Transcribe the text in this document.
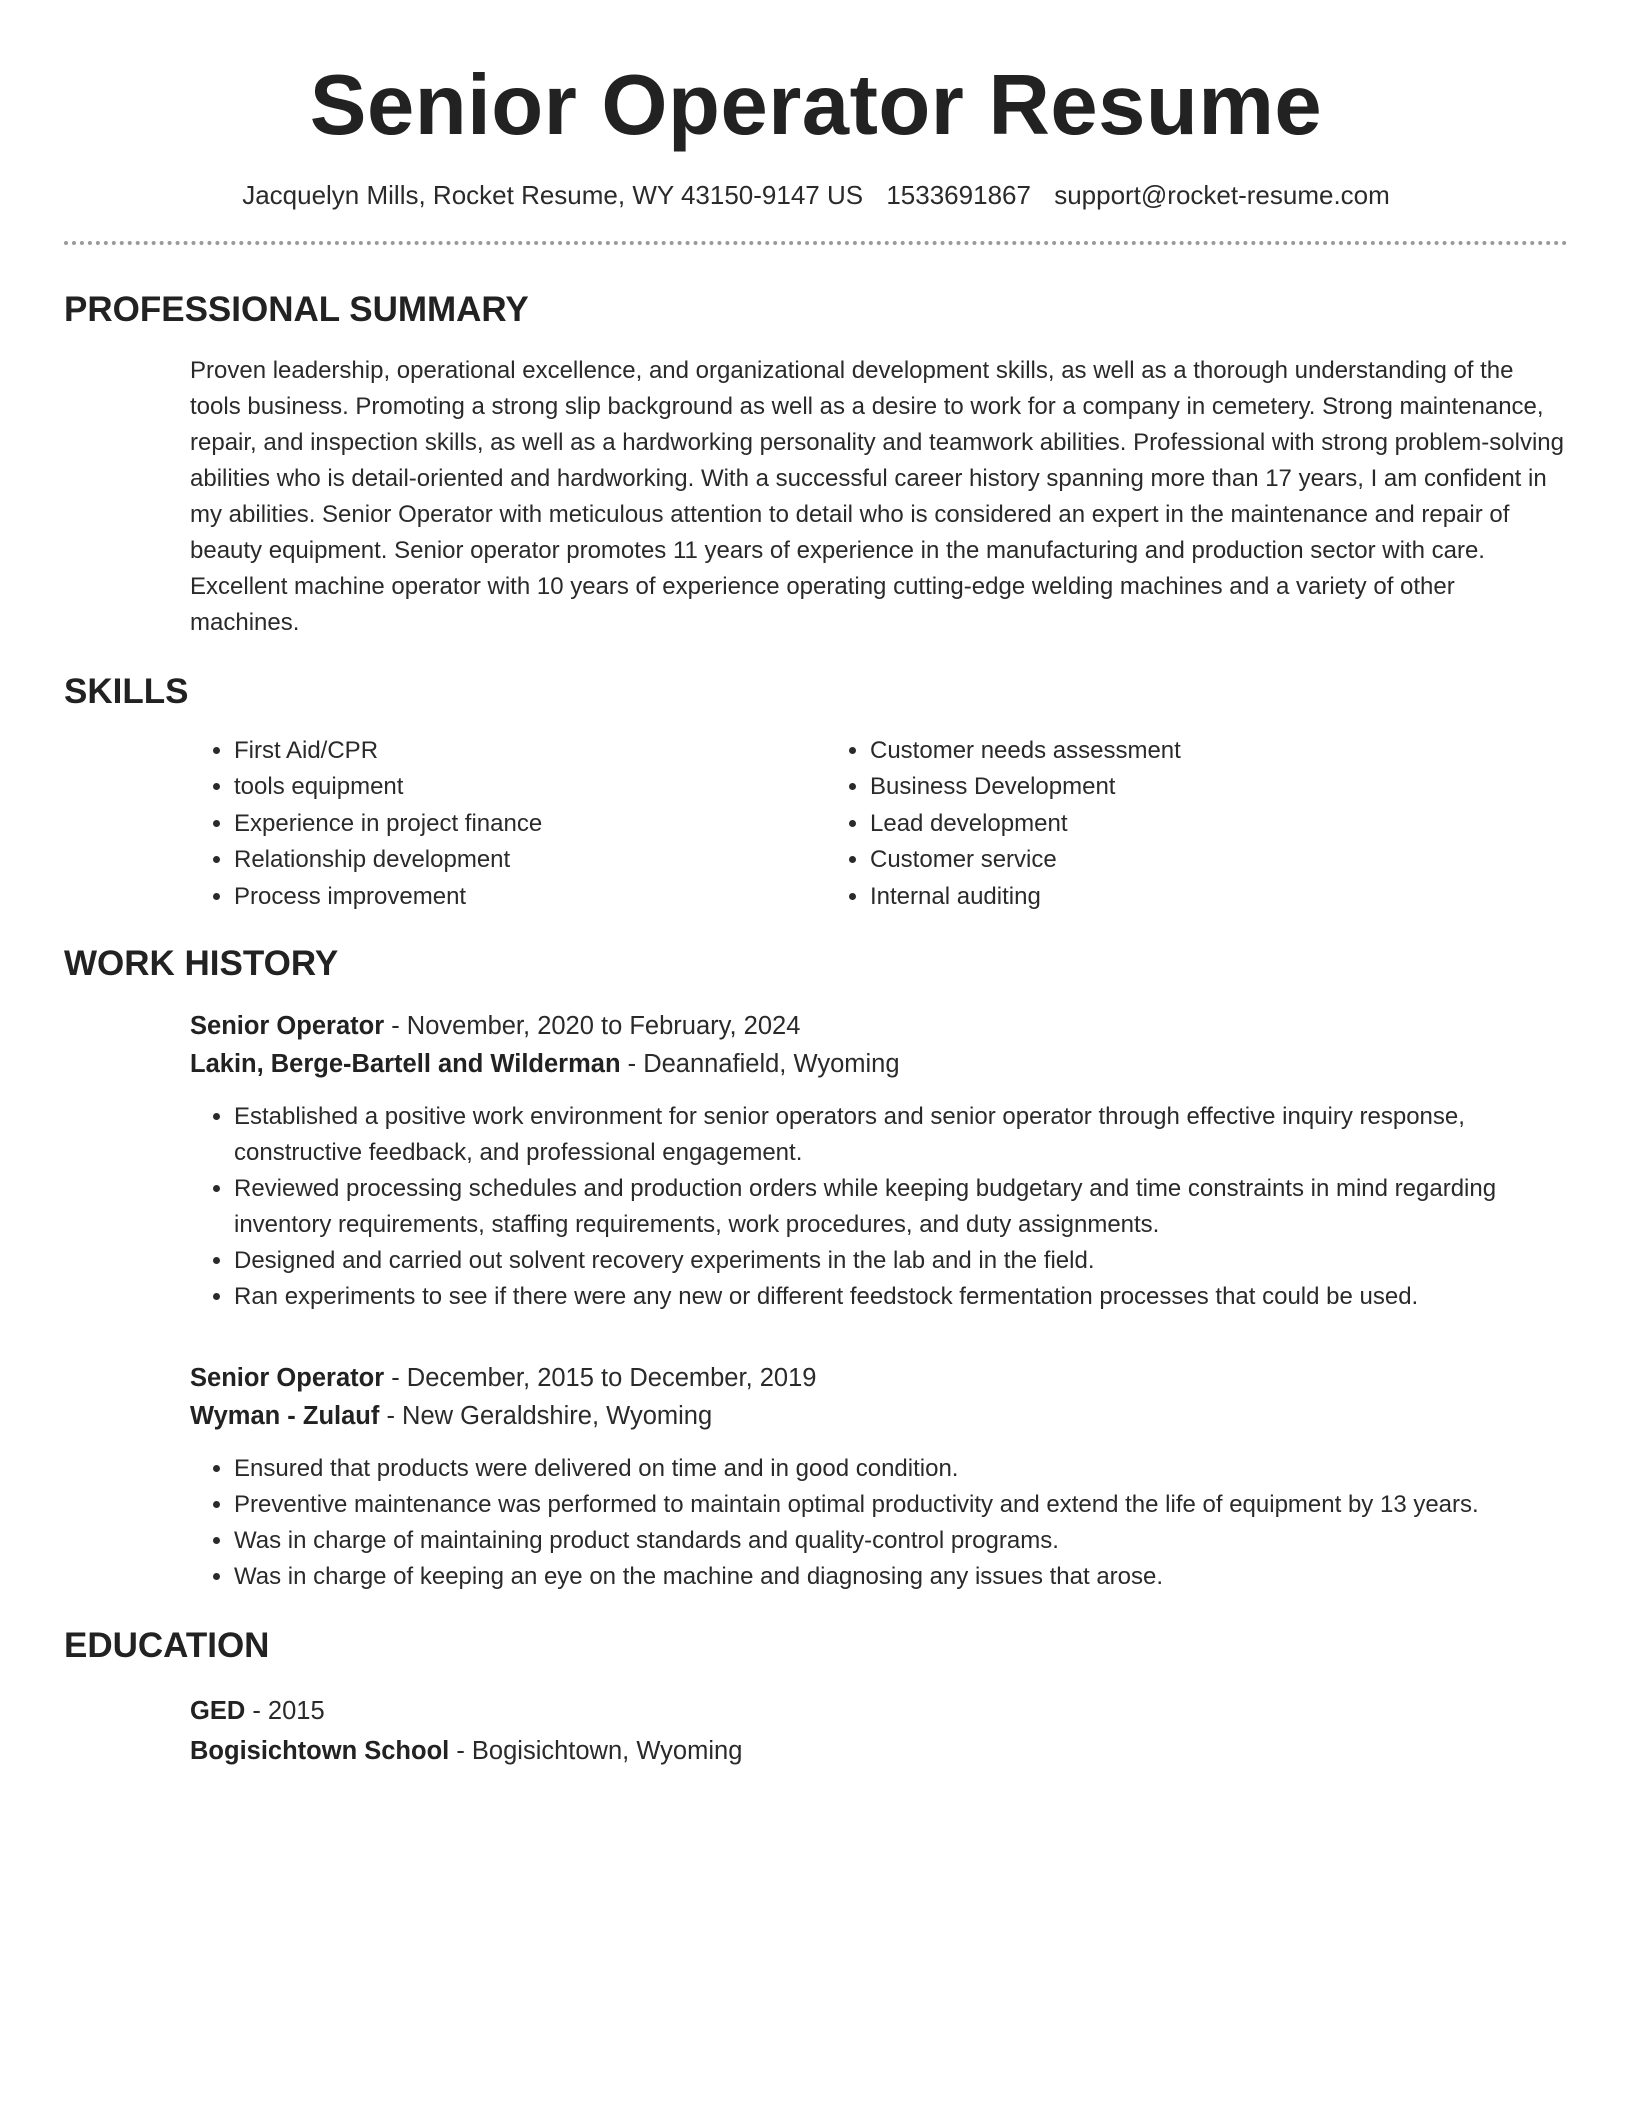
Senior Operator Resume
Jacquelyn Mills, Rocket Resume, WY 43150-9147 US 1533691867 support@rocket-resume.com
PROFESSIONAL SUMMARY
Proven leadership, operational excellence, and organizational development skills, as well as a thorough understanding of the tools business. Promoting a strong slip background as well as a desire to work for a company in cemetery. Strong maintenance, repair, and inspection skills, as well as a hardworking personality and teamwork abilities. Professional with strong problem-solving abilities who is detail-oriented and hardworking. With a successful career history spanning more than 17 years, I am confident in my abilities. Senior Operator with meticulous attention to detail who is considered an expert in the maintenance and repair of beauty equipment. Senior operator promotes 11 years of experience in the manufacturing and production sector with care. Excellent machine operator with 10 years of experience operating cutting-edge welding machines and a variety of other machines.
SKILLS
• First Aid/CPR
• tools equipment
• Experience in project finance
• Relationship development
• Process improvement
• Customer needs assessment
• Business Development
• Lead development
• Customer service
• Internal auditing
WORK HISTORY
Senior Operator - November, 2020 to February, 2024
Lakin, Berge-Bartell and Wilderman - Deannafield, Wyoming
• Established a positive work environment for senior operators and senior operator through effective inquiry response, constructive feedback, and professional engagement.
• Reviewed processing schedules and production orders while keeping budgetary and time constraints in mind regarding inventory requirements, staffing requirements, work procedures, and duty assignments.
• Designed and carried out solvent recovery experiments in the lab and in the field.
• Ran experiments to see if there were any new or different feedstock fermentation processes that could be used.
Senior Operator - December, 2015 to December, 2019
Wyman - Zulauf - New Geraldshire, Wyoming
• Ensured that products were delivered on time and in good condition.
• Preventive maintenance was performed to maintain optimal productivity and extend the life of equipment by 13 years.
• Was in charge of maintaining product standards and quality-control programs.
• Was in charge of keeping an eye on the machine and diagnosing any issues that arose.
EDUCATION
GED - 2015
Bogisichtown School - Bogisichtown, Wyoming
